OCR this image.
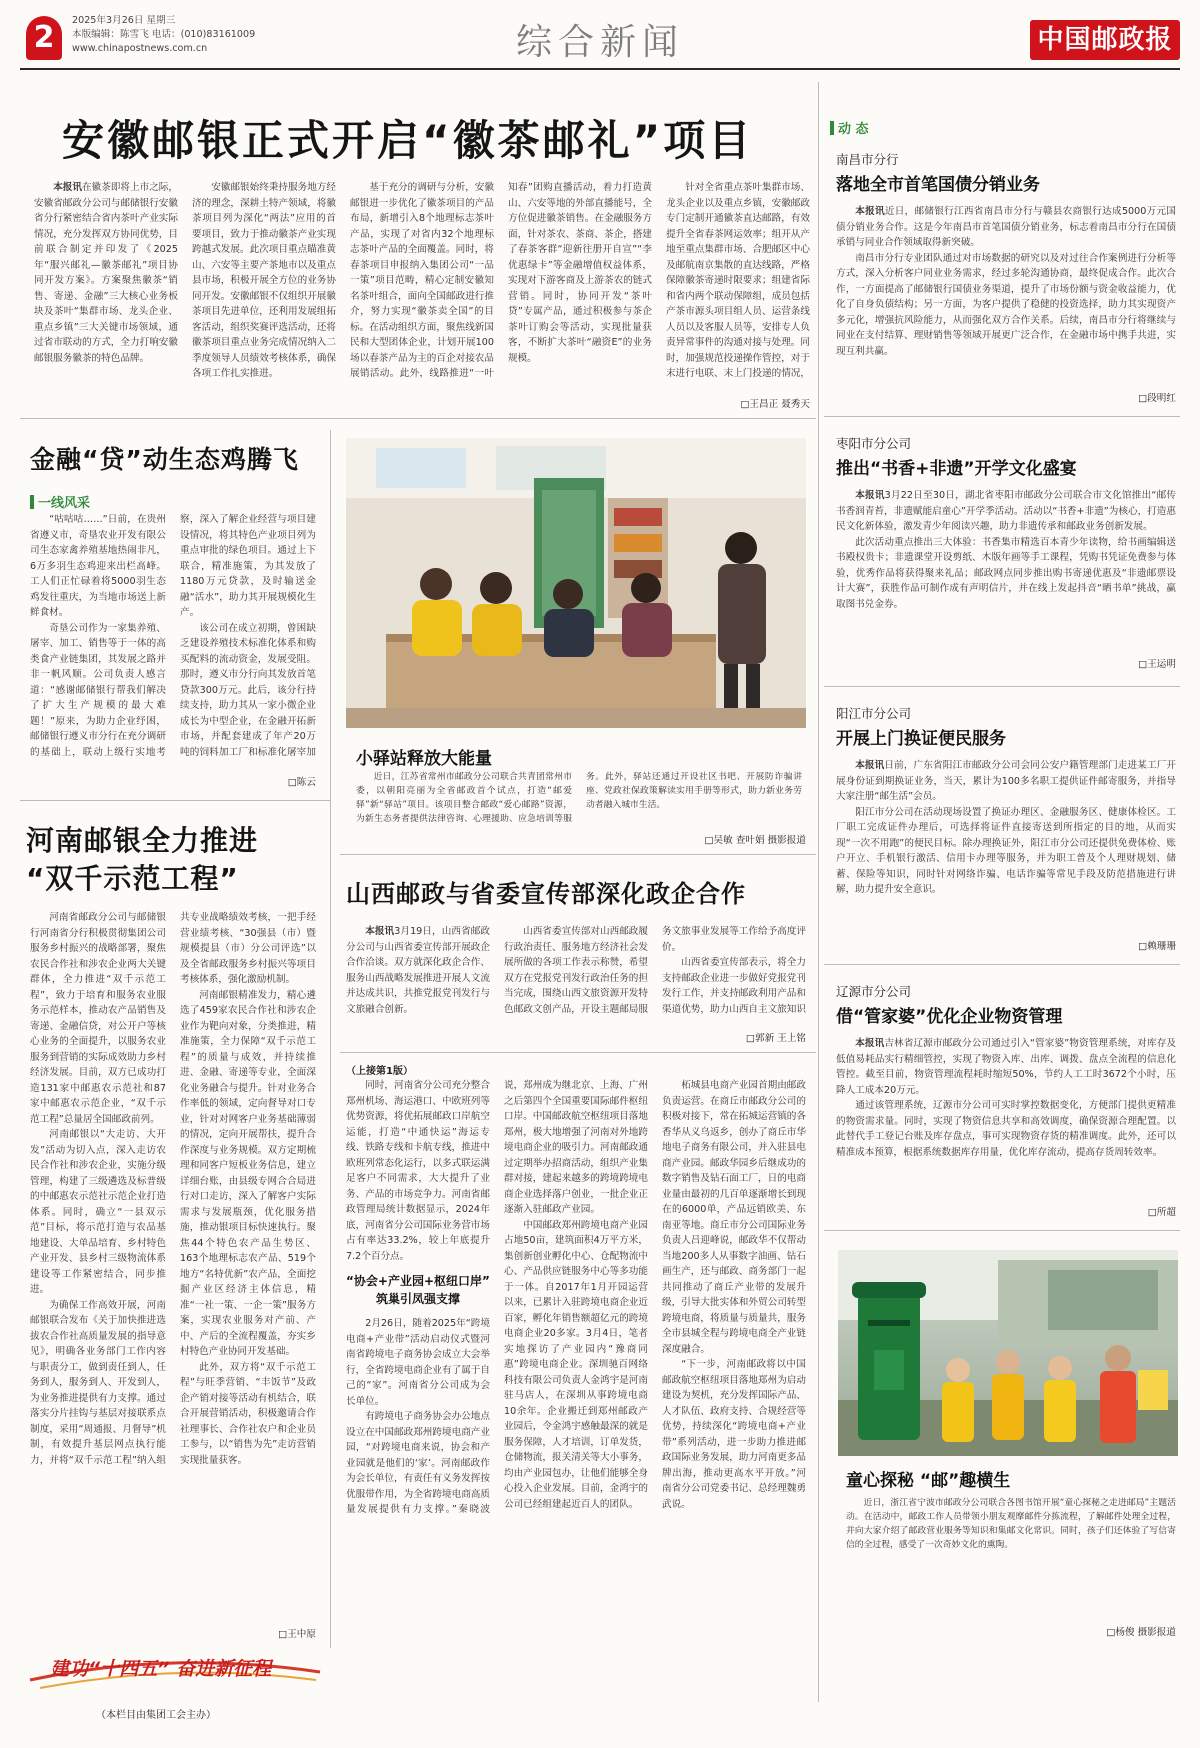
2	2025年3月26日 星期三
本版编辑：陈雪飞 电话：(010)83161009
www.chinapostnews.com.cn	综合新闻	中国邮政报
安徽邮银正式开启“徽茶邮礼”项目

本报讯在徽茶即将上市之际，安徽省邮政分公司与邮储银行安徽省分行紧密结合省内茶叶产业实际情况，充分发挥双方协同优势，目前联合制定并印发了《2025年“服兴邮礼—徽茶邮礼”项目协同开发方案》。方案聚焦徽茶“销售、寄递、金融”三大核心业务板块及茶叶“集群市场、龙头企业、重点乡镇”三大关键市场领域，通过省市联动的方式，全力打响安徽邮银服务徽茶的特色品牌。

安徽邮银始终秉持服务地方经济的理念，深耕土特产领域，将徽茶项目列为深化“两法”应用的首要项目，致力于推动徽茶产业实现跨越式发展。此次项目重点瞄准黄山、六安等主要产茶地市以及重点县市场，积极开展全方位的业务协同开发。安徽邮银不仅组织开展徽茶项目先进单位，还利用发展组拓客活动，组织奖赛评选活动，还将徽茶项目重点业务完成情况纳入二季度领导人员绩效考核体系，确保各项工作扎实推进。

基于充分的调研与分析，安徽邮银进一步优化了徽茶项目的产品布局，新增引入8个地理标志茶叶产品，实现了对省内32个地理标志茶叶产品的全面覆盖。同时，将春茶项目申报纳入集团公司“一品一策”项目范畴，精心定制安徽知名茶叶组合，面向全国邮政进行推介，努力实现“徽茶卖全国”的目标。在活动组织方面，聚焦线新国民和大型团体企业，计划开展100场以春茶产品为主的百企对接农品展销活动。此外，线路推进“一叶知春”团购直播活动，着力打造黄山、六安等地的外部直播能号，全方位促进徽茶销售。在金融服务方面，针对茶农、茶商、茶企，搭建了春茶客群“迎新往册开自宣”“李优惠绿卡”等金融增值权益体系，实现对下游客商及上游茶农的链式营销。同时，协同开发“茶叶贷”专属产品，通过积极参与茶企茶叶订购会等活动，实现批量获客，不断扩大茶叶“融资E”的业务规模。

针对全省重点茶叶集群市场、龙头企业以及重点乡镇，安徽邮政专门定制开通徽茶直达邮路，有效提升全省春茶网运效率；组开从产地至重点集群市场、合肥邮区中心及邮航南京集散的直达线路，严格保障徽茶寄递时限要求；组建省际和省内两个联动保障组，成员包括产茶市源头项目组人员、运营条线人员以及客服人员等，安排专人负责异常事件的沟通对接与处理。同时，加强规范投递操作管控，对于末进行电联、末上门投递的情况，

□王昌正 聂秀天
动 态
南昌市分行
落地全市首笔国债分销业务

本报讯近日，邮储银行江西省南昌市分行与赣县农商银行达成5000万元国债分销业务合作。这是今年南昌市首笔国债分销业务，标志着南昌市分行在国债承销与同业合作领域取得新突破。

南昌市分行专业团队通过对市场数据的研究以及对过往合作案例进行分析等方式，深入分析客户同业业务需求，经过多轮沟通协商，最终促成合作。此次合作，一方面提高了邮储银行国债业务渠道，提升了市场份额与资金收益能力，优化了自身负债结构；另一方面，为客户提供了稳健的投资选择，助力其实现资产多元化，增强抗风险能力，从而强化双方合作关系。后续，南昌市分行将继续与同业在支付结算、理财销售等领域开展更广泛合作，在金融市场中携手共进，实现互利共赢。

□段明红
枣阳市分公司
推出“书香+非遗”开学文化盛宴

本报讯3月22日至30日，湖北省枣阳市邮政分公司联合市文化馆推出“邮传书香润青苔，非遗赋能启童心”开学季活动。活动以“书香+非遗”为核心，打造惠民文化新体验，激发青少年阅读兴趣，助力非遗传承和邮政业务创新发展。

此次活动重点推出三大体验：书香集市精选百本青少年读物，给书画编辑送书殿权贵卡；非遗课堂开设剪纸、木版年画等手工课程，凭购书凭证免费参与体验，优秀作品将获得聚来礼品；邮政网点同步推出购书寄递优惠及“非遗邮票设计大赛”，获胜作品可制作成有声明信片，并在线上发起抖音“晒书单”挑战，赢取图书兑金券。

□王运明
阳江市分公司
开展上门换证便民服务

本报讯日前，广东省阳江市邮政分公司会同公安户籍管理部门走进某工厂开展身份证到期换证业务，当天，累计为100多名职工提供证件邮寄服务，并指导大家注册“邮生活”会员。

阳江市分公司在活动现场设置了换证办理区、金融服务区、健康体检区。工厂职工完成证件办理后，可选择将证件直接寄送到所指定的目的地，从而实现“一次不用跑”的便民目标。除办理换证外，阳江市分公司还提供免费体检、账户开立、手机银行激活、信用卡办理等服务，并为职工普及个人理财规划、储蓄、保险等知识，同时针对网络诈骗、电话诈骗等常见手段及防范措施进行讲解，助力提升安全意识。

□赖珊珊
辽源市分公司
借“管家婆”优化企业物资管理

本报讯吉林省辽源市邮政分公司通过引入“管家婆”物资管理系统，对库存及低值易耗品实行精细管控，实现了物资入库、出库、调拨、盘点全流程的信息化管控。截至目前，物资管理流程耗时缩短50%，节约人工工时3672个小时，压降人工成本20万元。

通过该管理系统，辽源市分公司可实时掌控数据变化，方便部门提供更精准的物资需求量。同时，实现了物资信息共享和高效调度，确保资源合理配置。以此替代手工登记台账及库存盘点，事可实现物资存货的精准调度。此外，还可以精准成本预算，根据系统数据库存用量，优化库存流动，提高存货周转效率。

□所超
童心探秘 “邮”趣横生

近日，浙江省宁波市邮政分公司联合各图书馆开展“童心探秘之走进邮局”主题活动。在活动中，邮政工作人员带领小朋友观摩邮件分拣流程，了解邮件处理全过程，并向大家介绍了邮政营业服务等知识和集邮文化常识。同时，孩子们还体验了写信寄信的全过程，感受了一次奇妙文化的熏陶。

□杨俊 摄影报道
金融“贷”动生态鸡腾飞
一线风采

“咕咕咕……”日前，在贵州省遵义市，奇垦农业开发有限公司生态家禽养殖基地热闹非凡，6万多羽生态鸡迎来出栏高峰。工人们正忙碌着将5000羽生态鸡发往重庆，为当地市场送上新鲜食材。

奇垦公司作为一家集养殖、屠宰、加工、销售等于一体的高类食产业链集团，其发展之路并非一帆风顺。公司负责人感言道：“感谢邮储银行帮我们解决了扩大生产规模的最大难题！”原来，为助力企业纾困，邮储银行遵义市分行在充分调研的基础上，联动上级行实地考察，深入了解企业经营与项目建设情况，将其特色产业项目列为重点审批的绿色项目。通过上下联合，精准施策，为其发放了1180万元贷款，及时输送金融“活水”，助力其开展规模化生产。

该公司在成立初期，曾困缺乏建设养殖技术标准化体系和购买配料的流动资金，发展受阻。那时，遵义市分行向其发放首笔贷款300万元。此后，该分行持续支持，助力其从一家小微企业成长为中型企业，在金融开拓新市场，并配套建成了年产20万吨的饲料加工厂和标准化屠宰加

□陈云
小驿站释放大能量

近日，江苏省常州市邮政分公司联合共青团常州市委，以朝阳亮丽为全省邮政首个试点，打造“邮爱驿”新“驿站”项目。该项目整合邮政“爱心邮路”资源，为新生态务者提供法律咨询、心理援助、应急培训等服务。此外，驿站还通过开设社区书吧、开展防诈骗讲座、党政社保政策解读实用手册等形式，助力新业务劳动者融入城市生活。

□吴敏 查叶娟 摄影报道
河南邮银全力推进
“双千示范工程”

河南省邮政分公司与邮储银行河南省分行积极贯彻集团公司服务乡村振兴的战略部署，聚焦农民合作社和涉农企业两大关键群体，全力推进“双千示范工程”，致力于培育和服务农业服务示范样本，推动农产品销售及寄递、金融信贷，对公开户等核心业务的全面提升，以服务农业服务到营销的实际成效助力乡村经济发展。目前，双方已成功打造131家中邮惠农示范社和87家中邮惠农示范企业，“双千示范工程”总量居全国邮政前列。

河南邮银以“大走访、大开发”活动为切入点，深入走访农民合作社和涉农企业，实施分级管理，构建了三级遴选及标普级的中邮惠农示范社示范企业打造体系。同时，确立“一县双示范”目标，将示范打造与农品基地建设、大单品培育、乡村特色产业开发、县乡村三级物流体系建设等工作紧密结合，同步推进。

为确保工作高效开展，河南邮银联合发布《关于加快推进选拔农合作社高质量发展的指导意见》，明确各业务部门工作内容与职责分工，做到责任到人，任务到人，服务到人、开发到人，为业务推进提供有力支撑。通过落实分片挂钩与基层对接联系点制度，采用“周通报、月督导”机制，有效提升基层网点执行能力，并将“双千示范工程”纳入组共专业战略绩效考核，一把手经营业绩考核、“30强县（市）暨规模提县（市）分公司评选”以及全省邮政服务乡村振兴等项目考核体系，强化激励机制。

河南邮银精准发力，精心遴选了459家农民合作社和涉农企业作为靶向对象，分类推进，精准施策，全力保障“双千示范工程”的质量与成效，并持续推进、金融、寄递等专业，全面深化业务融合与提升。针对业务合作率低的领域，定向督导对口专业，针对对网客户业务基础薄弱的情况，定向开展帮扶，提升合作深度与业务规模。双方定期梳理和同客户短板业务信息，建立详细台账，由县级专网合合局进行对口走访，深入了解客户实际需求与发展瓶颈，优化服务措施，推动银项目标快速执行。聚焦44个特色农产品生势区、163个地理标志农产品、519个地方“名特优新”农产品，全面挖掘产业区经济主体信息，精准“一社一策、一企一策”服务方案，实现农业服务对产前、产中、产后的全流程覆盖，夯实乡村特色产业协同开发基础。

此外，双方将“双千示范工程”与旺季营销、“丰饭节”及政企产销对接等活动有机结合，联合开展营销活动，积极邀请合作社理事长、合作社农户和企业员工参与，以“销售为先”走访营销实现批量获客。

□王中原
建功“十四五” 奋进新征程
（本栏目由集团工会主办）
山西邮政与省委宣传部深化政企合作

本报讯3月19日，山西省邮政分公司与山西省委宣传部开展政企合作洽谈。双方就深化政企合作、服务山西战略发展推进开展人文流并达成共识，共推党报党刊发行与文旅融合创新。

山西省委宣传部对山西邮政履行政治责任、服务地方经济社会发展所做的各项工作表示称赞，希望双方在党报党刊发行政治任务的担当完成，围绕山西文旅资源开发特色邮政文创产品，开设主题邮局服务文旅事业发展等工作给予高度评价。

山西省委宣传部表示，将全力支持邮政企业进一步做好党报党刊发行工作，并支持邮政利用产品和渠道优势，助力山西自主文旅知识

□郭新 王上铭
（上接第1版）

同时，河南省分公司充分整合郑州机场、海运港口、中欧班列等优势资源，将优拓展邮政口岸航空运能，打造“中通快运”海运专线、铁路专线和卡航专线，推进中欧班列常态化运行，以多式联运满足客户不同需求，大大提升了业务、产品的市场竞争力。河南省邮政管理局统计数据显示，2024年底，河南省分公司国际业务营市场占有率达33.2%，较上年底提升7.2个百分点。

“协会+产业园+枢纽口岸”
筑巢引凤强支撑

2月26日，随着2025年“跨境电商+产业带”活动启动仪式暨河南省跨境电子商务协会成立大会举行，全省跨境电商企业有了属于自己的“家”。河南省分公司成为会长单位。

有跨境电子商务协会办公地点设立在中国邮政郑州跨境电商产业园，“对跨境电商来说，协会和产业园就是他们的‘家’。河南邮政作为会长单位，有责任有义务发挥按优服带作用，为全省跨境电商高质量发展提供有力支撑。”秦晓波说，郑州成为继北京、上海、广州之后第四个全国重要国际邮件枢纽口岸。中国邮政航空枢纽项目落地郑州，极大地增强了河南对外地跨境电商企业的吸引力。河南邮政通过定期举办招商活动，组织产业集群对接，建起来越多的跨境跨境电商企业选择落户创业，一批企业正逐渐入驻邮政产业园。

中国邮政郑州跨境电商产业园占地50亩，建筑面积4万平方米，集创新创业孵化中心、仓配物流中心、产品供应链服务中心等多功能于一体。自2017年1月开园运营以来，已累计入驻跨境电商企业近百家，孵化年销售额超亿元的跨境电商企业20多家。3月4日，笔者实地探访了产业园内“豫商同惠”跨境电商企业。深圳驰百网络科技有限公司负责人金鸿宇是河南驻马店人，在深圳从事跨境电商10余年。企业搬迁到郑州邮政产业园后，令金鸿宇感触最深的就是服务保障，人才培训，订单发货，仓储物流，报关清关等大小事务，均由产业园包办，让他们能够全身心投入企业发展。目前，金鸿宇的公司已经组建起近百人的团队。

柘城县电商产业园首期由邮政负责运营。在商丘市邮政分公司的积极对接下，常在拓城运营镇的各香华从义乌返乡，创办了商丘市华地电子商务有限公司，并入驻县电商产业园。邮政华园乡后继成功的数字销售及钻石面工厂，日的电商业量由最初的几百单逐渐增长到现在的6000单，产品远销欧美、东南亚等地。商丘市分公司国际业务负责人吕迎峰说，邮政华不仅帮动当地200多人从事数字油画、钻石画生产，还与邮政、商务部门一起共同推动了商丘产业带的发展升级，引导大批实体和外贸公司转型跨境电商，将质量与质量共，服务全市县城全程与跨境电商全产业链深度融合。

“下一步，河南邮政将以中国邮政航空枢纽项目落地郑州为启动建设为契机，充分发挥国际产品、人才队伍、政府支持、合规经营等优势，持续深化“跨境电商+产业带”系列活动，进一步助力推进邮政国际业务发展，助力河南更多品牌出海，推动更高水平开放。”河南省分公司党委书记、总经理魏勇武说。
